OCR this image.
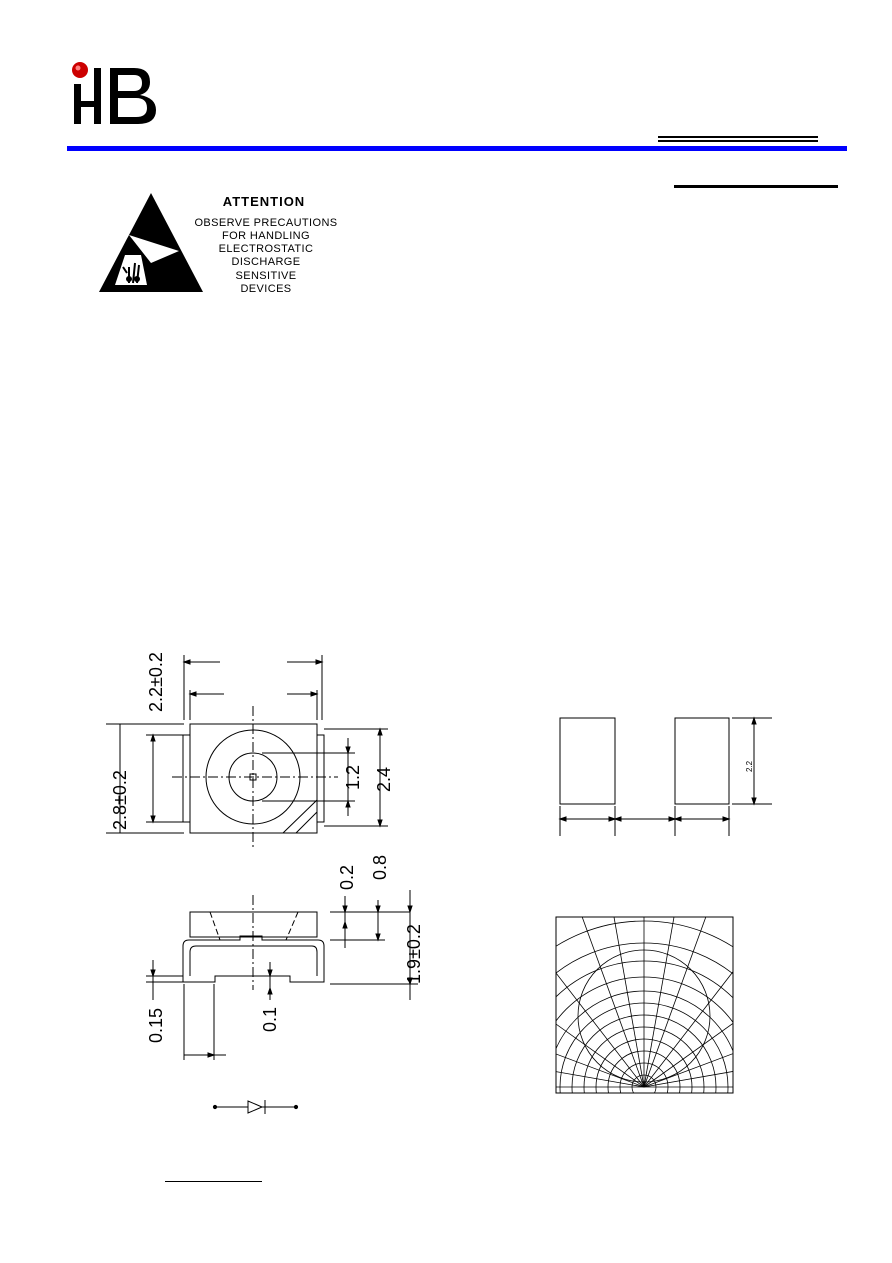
ATTENTION
OBSERVE PRECAUTIONS
FOR HANDLING
ELECTROSTATIC
DISCHARGE
SENSITIVE
DEVICES
2.2±0.2
2.8±0.2	1.2 2.4
0.2 0.8
1.9±0.2
0.15	0.1
2.2
